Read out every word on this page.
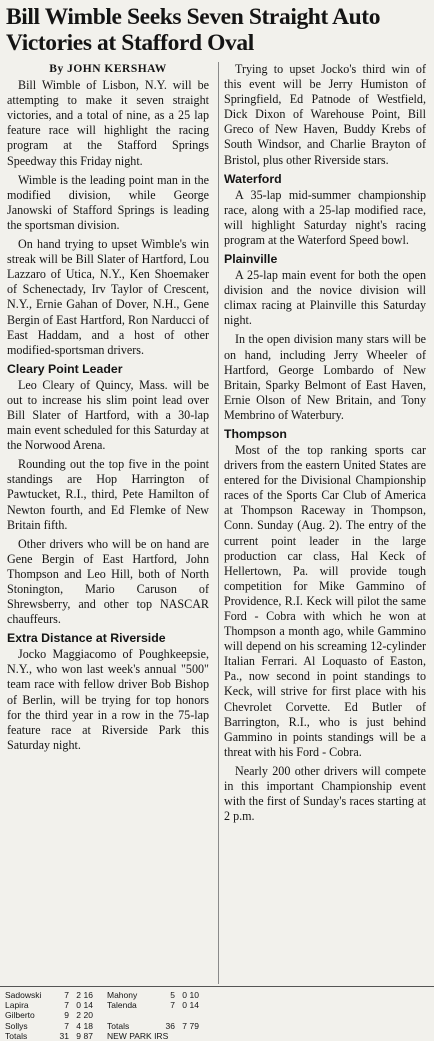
Bill Wimble Seeks Seven Straight Auto Victories at Stafford Oval
By JOHN KERSHAW

Bill Wimble of Lisbon, N.Y. will be attempting to make it seven straight victories, and a total of nine, as a 25 lap feature race will highlight the racing program at the Stafford Springs Speedway this Friday night.

Wimble is the leading point man in the modified division, while George Janowski of Stafford Springs is leading the sportsman division.

On hand trying to upset Wimble's win streak will be Bill Slater of Hartford, Lou Lazzaro of Utica, N.Y., Ken Shoemaker of Schenectady, Irv Taylor of Crescent, N.Y., Ernie Gahan of Dover, N.H., Gene Bergin of East Hartford, Ron Narducci of East Haddam, and a host of other modified-sportsman drivers.

Cleary Point Leader

Leo Cleary of Quincy, Mass. will be out to increase his slim point lead over Bill Slater of Hartford, with a 30-lap main event scheduled for this Saturday at the Norwood Arena.

Rounding out the top five in the point standings are Hop Harrington of Pawtucket, R.I., third, Pete Hamilton of Newton fourth, and Ed Flemke of New Britain fifth.

Other drivers who will be on hand are Gene Bergin of East Hartford, John Thompson and Leo Hill, both of North Stonington, Mario Caruson of Shrewsberry, and other top NASCAR chauffeurs.

Extra Distance at Riverside

Jocko Maggiacomo of Poughkeepsie, N.Y., who won last week's annual "500" team race with fellow driver Bob Bishop of Berlin, will be trying for top honors for the third year in a row in the 75-lap feature race at Riverside Park this Saturday night.

Trying to upset Jocko's third win of this event will be Jerry Humiston of Springfield, Ed Patnode of Westfield, Dick Dixon of Warehouse Point, Bill Greco of New Haven, Buddy Krebs of South Windsor, and Charlie Brayton of Bristol, plus other Riverside stars.

Waterford

A 35-lap mid-summer championship race, along with a 25-lap modified race, will highlight Saturday night's racing program at the Waterford Speed bowl.

Plainville

A 25-lap main event for both the open division and the novice division will climax racing at Plainville this Saturday night.

In the open division many stars will be on hand, including Jerry Wheeler of Hartford, George Lombardo of New Britain, Sparky Belmont of East Haven, Ernie Olson of New Britain, and Tony Membrino of Waterbury.

Thompson

Most of the top ranking sports car drivers from the eastern United States are entered for the Divisional Championship races of the Sports Car Club of America at Thompson Raceway in Thompson, Conn. Sunday (Aug. 2). The entry of the current point leader in the large production car class, Hal Keck of Hellertown, Pa. will provide tough competition for Mike Gammino of Providence, R.I. Keck will pilot the same Ford - Cobra with which he won at Thompson a month ago, while Gammino will depend on his screaming 12-cylinder Italian Ferrari. Al Loquasto of Easton, Pa., now second in point standings to Keck, will strive for first place with his Chevrolet Corvette. Ed Butler of Barrington, R.I., who is just behind Gammino in points standings will be a threat with his Ford - Cobra.

Nearly 200 other drivers will compete in this important Championship event with the first of Sunday's races starting at 2 p.m.

Sadowski	7 2 16	Mahony	5 0 10
Lapira	7 0 14	Talenda	7 0 14
Gilberto	9 2 20
Sollys	7 4 18	Totals	36 7 79
Totals	31 9 87	NEW PARK IRS
